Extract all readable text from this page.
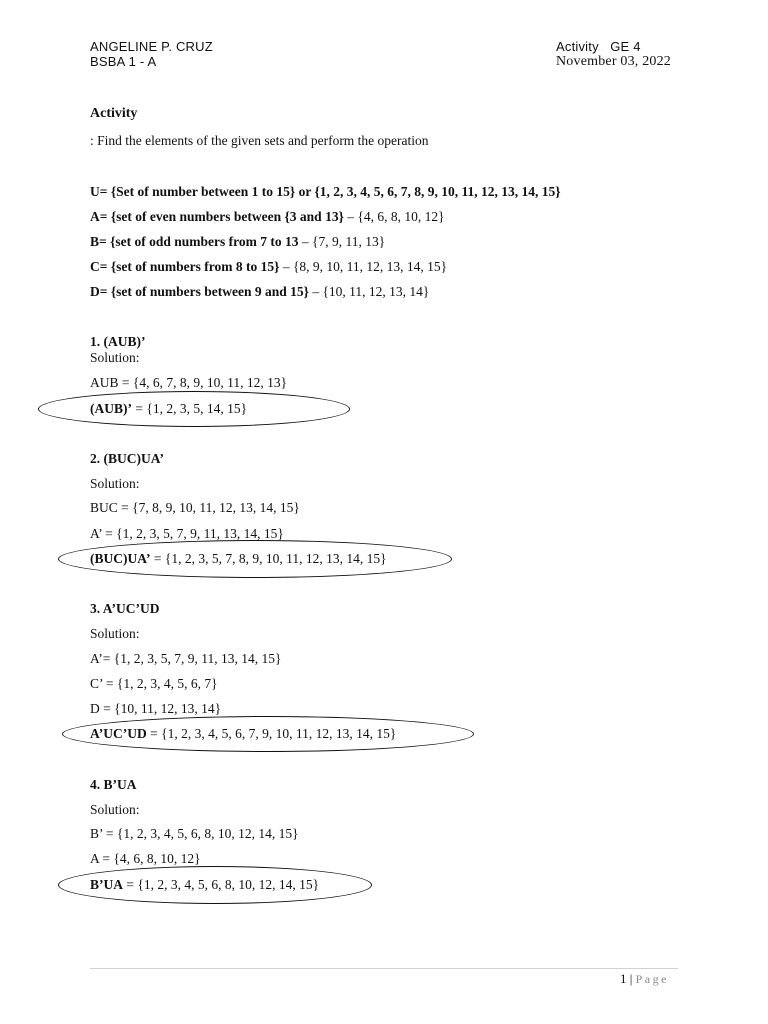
ANGELINE P. CRUZ
BSBA 1 - A
Activity   GE 4
November 03, 2022
Activity
: Find the elements of the given sets and perform the operation
U= {Set of number between 1 to 15} or {1, 2, 3, 4, 5, 6, 7, 8, 9, 10, 11, 12, 13, 14, 15}
A= {set of even numbers between {3 and 13} – {4, 6, 8, 10, 12}
B= {set of odd numbers from 7 to 13 – {7, 9, 11, 13}
C= {set of numbers from 8 to 15} – {8, 9, 10, 11, 12, 13, 14, 15}
D= {set of numbers between 9 and 15} – {10, 11, 12, 13, 14}
1. (AUB)’
Solution:
AUB = {4, 6, 7, 8, 9, 10, 11, 12, 13}
(AUB)’ = {1, 2, 3, 5, 14, 15}
2. (BUC)UA’
Solution:
BUC = {7, 8, 9, 10, 11, 12, 13, 14, 15}
A’ = {1, 2, 3, 5, 7, 9, 11, 13, 14, 15}
(BUC)UA’ = {1, 2, 3, 5, 7, 8, 9, 10, 11, 12, 13, 14, 15}
3. A’UC’UD
Solution:
A’= {1, 2, 3, 5, 7, 9, 11, 13, 14, 15}
C’ = {1, 2, 3, 4, 5, 6, 7}
D = {10, 11, 12, 13, 14}
A’UC’UD = {1, 2, 3, 4, 5, 6, 7, 9, 10, 11, 12, 13, 14, 15}
4. B’UA
Solution:
B’ = {1, 2, 3, 4, 5, 6, 8, 10, 12, 14, 15}
A = {4, 6, 8, 10, 12}
B’UA = {1, 2, 3, 4, 5, 6, 8, 10, 12, 14, 15}
1 | Page
